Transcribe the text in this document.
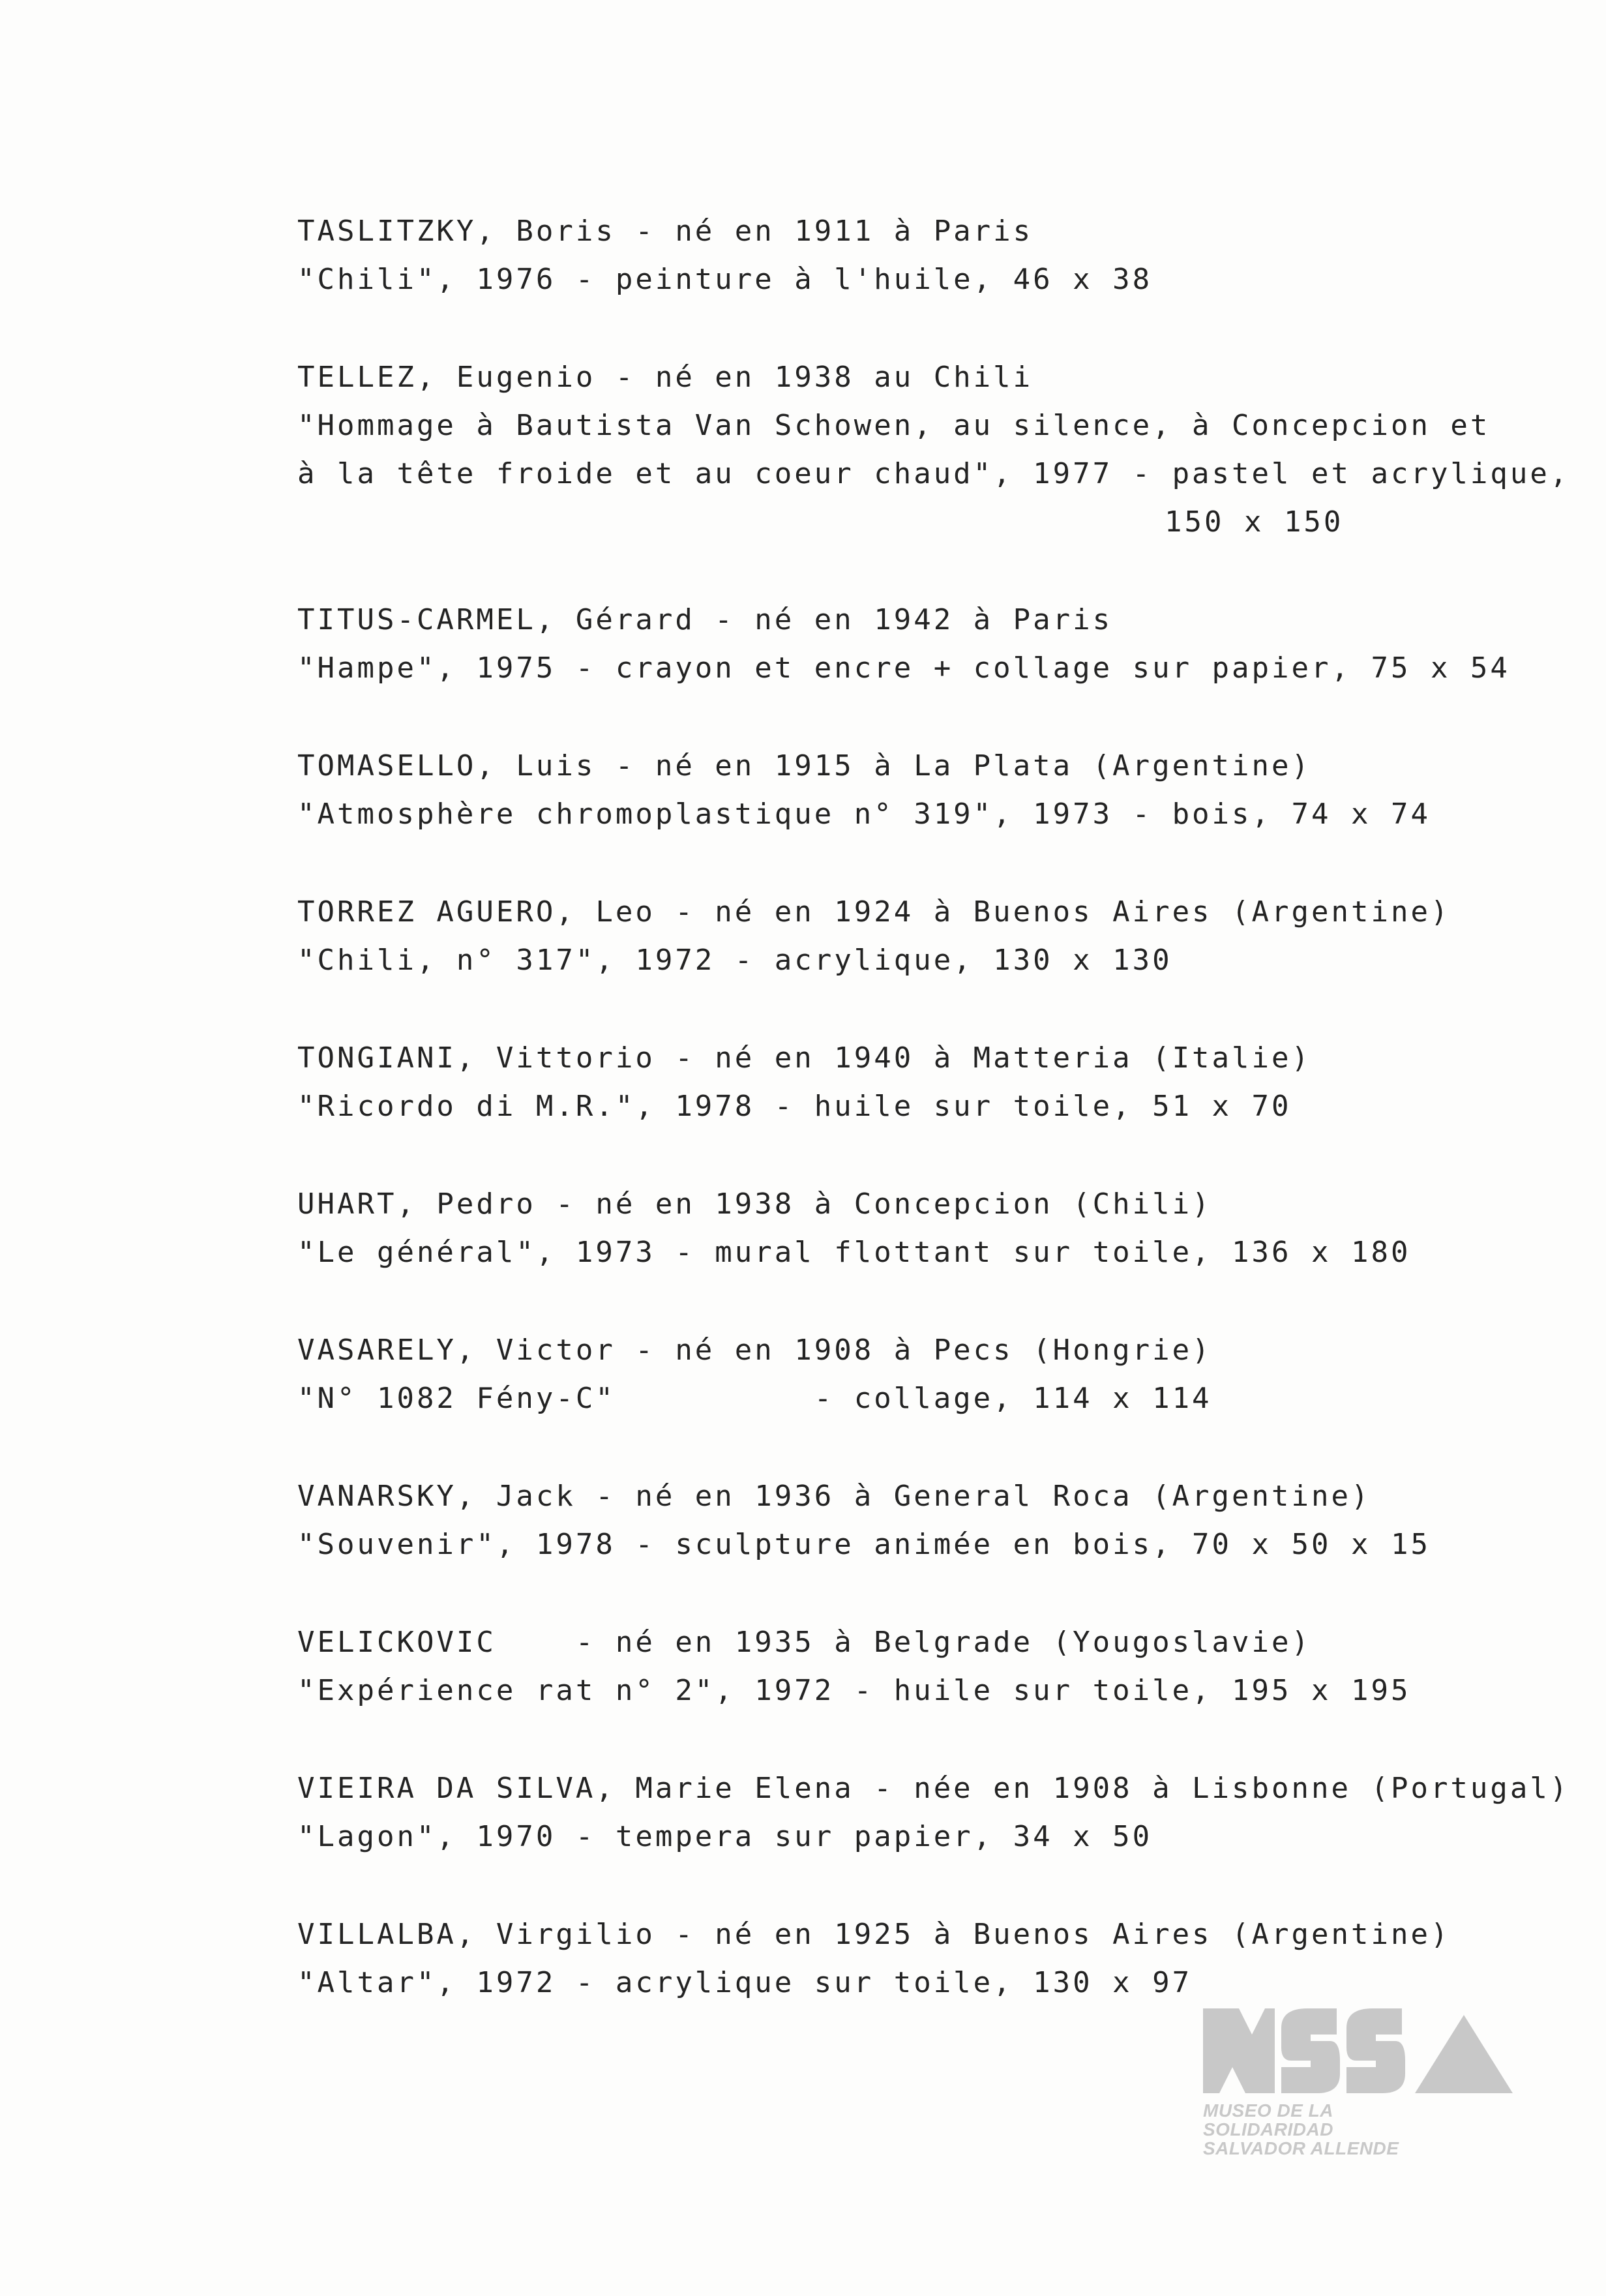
TASLITZKY, Boris - né en 1911 à Paris
"Chili", 1976 - peinture à l'huile, 46 x 38
TELLEZ, Eugenio - né en 1938 au Chili
"Hommage à Bautista Van Schowen, au silence, à Concepcion et
à la tête froide et au coeur chaud", 1977 - pastel et acrylique,
150 x 150
TITUS-CARMEL, Gérard - né en 1942 à Paris
"Hampe", 1975 - crayon et encre + collage sur papier, 75 x 54
TOMASELLO, Luis - né en 1915 à La Plata (Argentine)
"Atmosphère chromoplastique n° 319", 1973 - bois, 74 x 74
TORREZ AGUERO, Leo - né en 1924 à Buenos Aires (Argentine)
"Chili, n° 317", 1972 - acrylique, 130 x 130
TONGIANI, Vittorio - né en 1940 à Matteria (Italie)
"Ricordo di M.R.", 1978 - huile sur toile, 51 x 70
UHART, Pedro - né en 1938 à Concepcion (Chili)
"Le général", 1973 - mural flottant sur toile, 136 x 180
VASARELY, Victor - né en 1908 à Pecs (Hongrie)
"N° 1082 Fény-C"          - collage, 114 x 114
VANARSKY, Jack - né en 1936 à General Roca (Argentine)
"Souvenir", 1978 - sculpture animée en bois, 70 x 50 x 15
VELICKOVIC    - né en 1935 à Belgrade (Yougoslavie)
"Expérience rat n° 2", 1972 - huile sur toile, 195 x 195
VIEIRA DA SILVA, Marie Elena - née en 1908 à Lisbonne (Portugal)
"Lagon", 1970 - tempera sur papier, 34 x 50
VILLALBA, Virgilio - né en 1925 à Buenos Aires (Argentine)
"Altar", 1972 - acrylique sur toile, 130 x 97
MUSEO DE LA
SOLIDARIDAD
SALVADOR ALLENDE
